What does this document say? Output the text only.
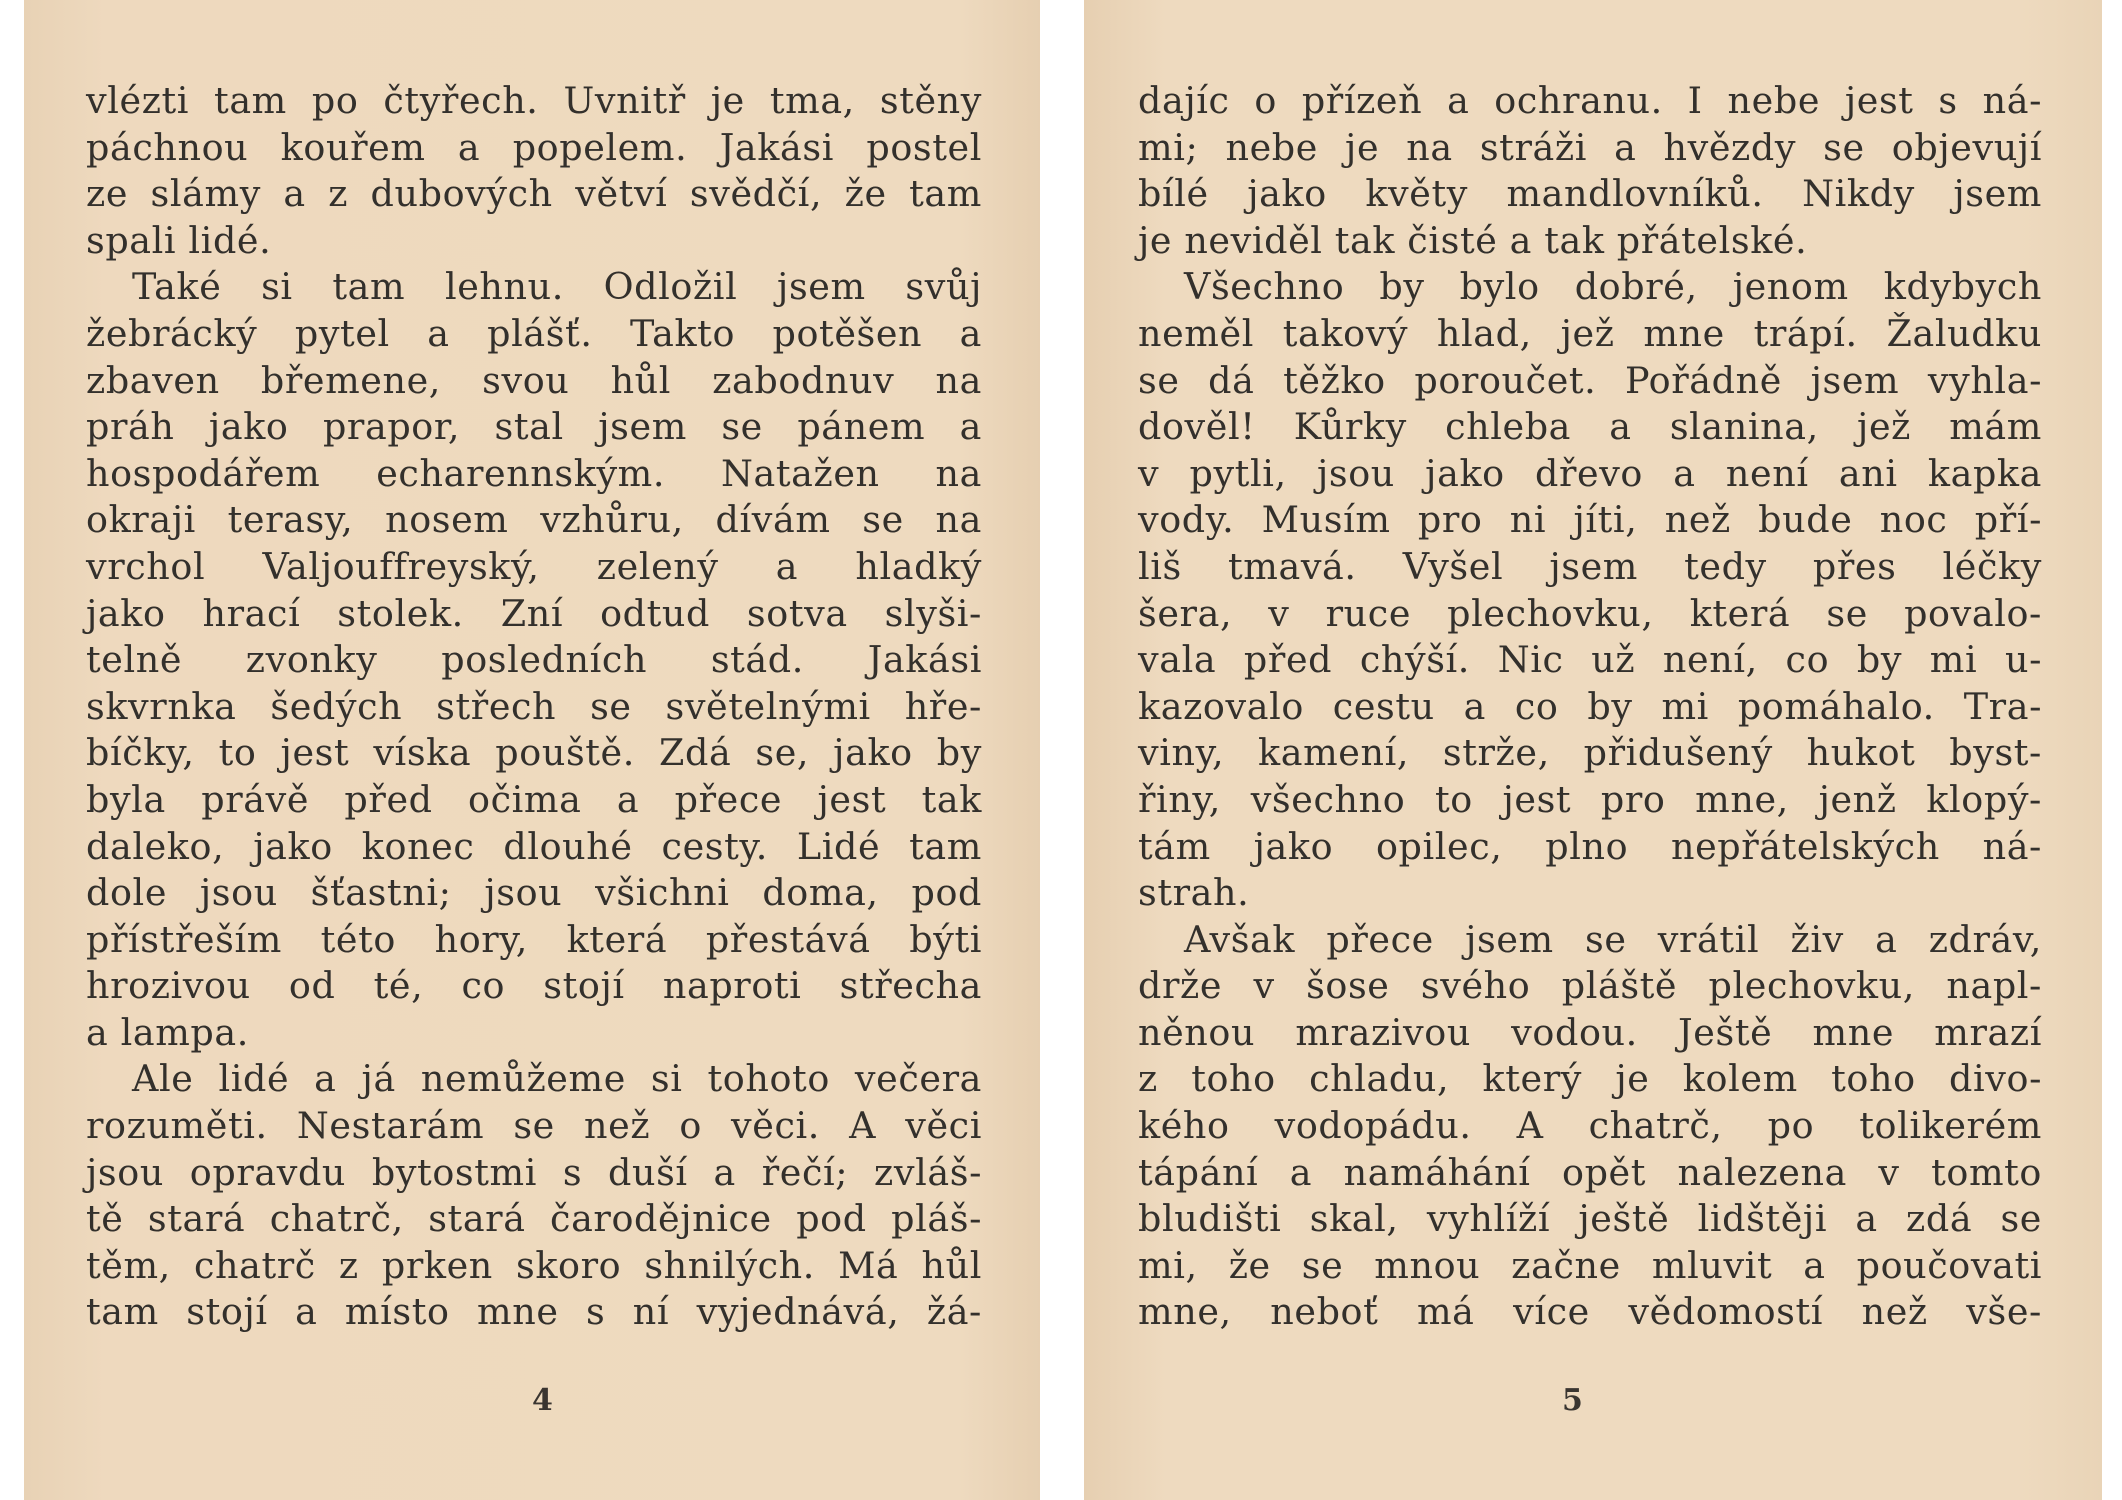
vlézti tam po čtyřech. Uvnitř je tma, stěny
páchnou kouřem a popelem. Jakási postel
ze slámy a z dubových větví svědčí, že tam
spali lidé.
Také si tam lehnu. Odložil jsem svůj
žebrácký pytel a plášť. Takto potěšen a
zbaven břemene, svou hůl zabodnuv na
práh jako prapor, stal jsem se pánem a
hospodářem echarennským. Natažen na
okraji terasy, nosem vzhůru, dívám se na
vrchol Valjouffreyský, zelený a hladký
jako hrací stolek. Zní odtud sotva slyši-
telně zvonky posledních stád. Jakási
skvrnka šedých střech se světelnými hře-
bíčky, to jest víska pouště. Zdá se, jako by
byla právě před očima a přece jest tak
daleko, jako konec dlouhé cesty. Lidé tam
dole jsou šťastni; jsou všichni doma, pod
přístřeším této hory, která přestává býti
hrozivou od té, co stojí naproti střecha
a lampa.
Ale lidé a já nemůžeme si tohoto večera
rozuměti. Nestarám se než o věci. A věci
jsou opravdu bytostmi s duší a řečí; zvláš-
tě stará chatrč, stará čarodějnice pod pláš-
těm, chatrč z prken skoro shnilých. Má hůl
tam stojí a místo mne s ní vyjednává, žá-
4
dajíc o přízeň a ochranu. I nebe jest s ná-
mi; nebe je na stráži a hvězdy se objevují
bílé jako květy mandlovníků. Nikdy jsem
je neviděl tak čisté a tak přátelské.
Všechno by bylo dobré, jenom kdybych
neměl takový hlad, jež mne trápí. Žaludku
se dá těžko poroučet. Pořádně jsem vyhla-
dověl! Kůrky chleba a slanina, jež mám
v pytli, jsou jako dřevo a není ani kapka
vody. Musím pro ni jíti, než bude noc pří-
liš tmavá. Vyšel jsem tedy přes léčky
šera, v ruce plechovku, která se povalo-
vala před chýší. Nic už není, co by mi u-
kazovalo cestu a co by mi pomáhalo. Tra-
viny, kamení, strže, přidušený hukot byst-
řiny, všechno to jest pro mne, jenž klopý-
tám jako opilec, plno nepřátelských ná-
strah.
Avšak přece jsem se vrátil živ a zdráv,
drže v šose svého pláště plechovku, napl-
něnou mrazivou vodou. Ještě mne mrazí
z toho chladu, který je kolem toho divo-
kého vodopádu. A chatrč, po tolikerém
tápání a namáhání opět nalezena v tomto
bludišti skal, vyhlíží ještě lidštěji a zdá se
mi, že se mnou začne mluvit a poučovati
mne, neboť má více vědomostí než vše-
5
